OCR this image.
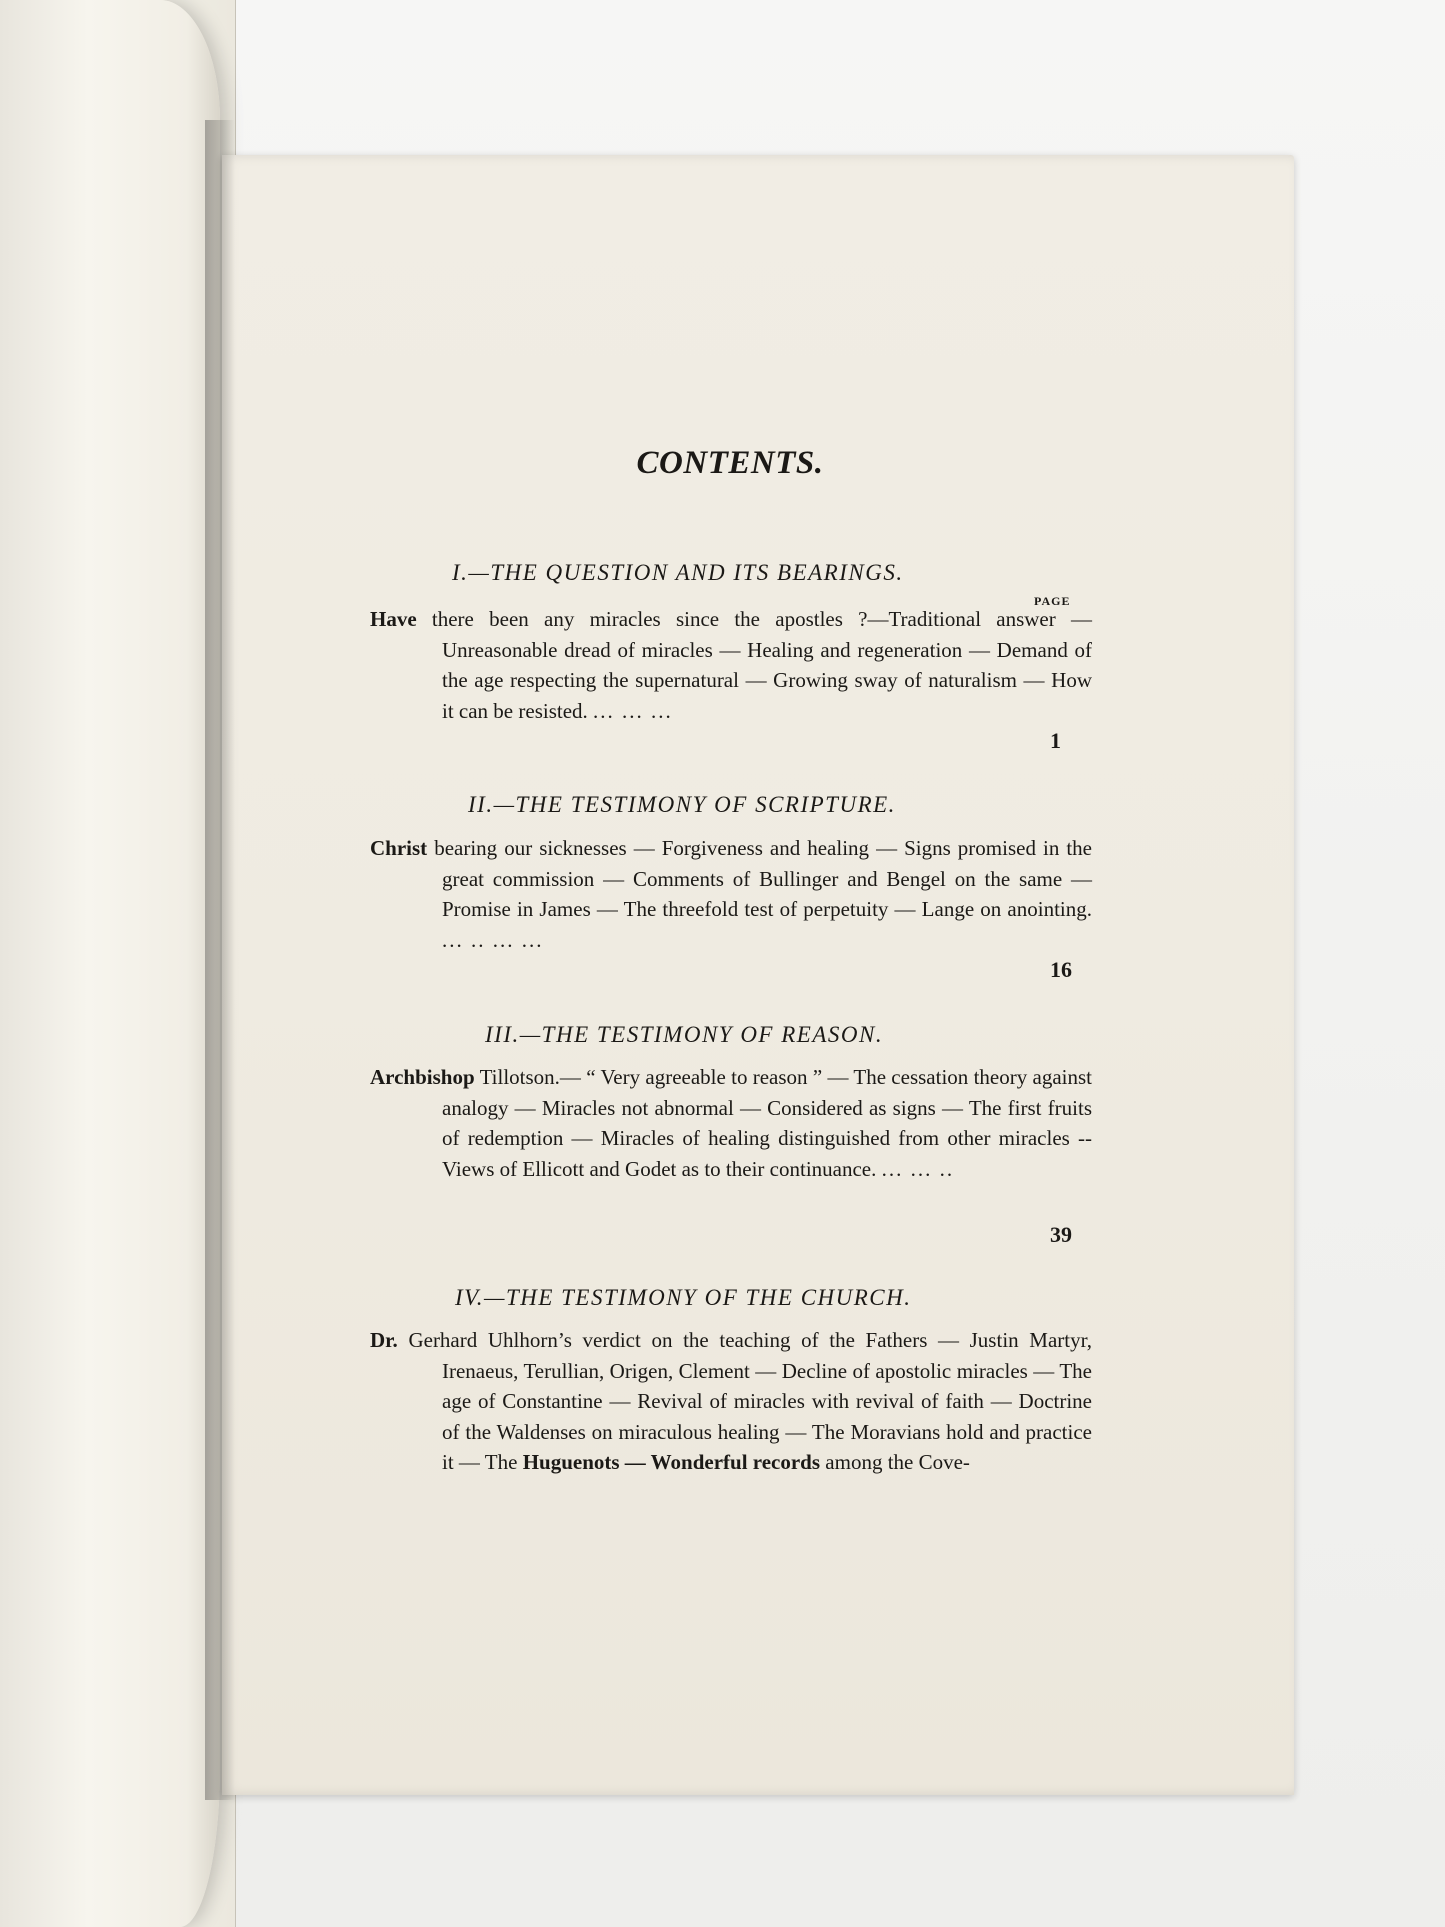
CONTENTS.
I.—THE QUESTION AND ITS BEARINGS.
PAGE
Have there been any miracles since the apostles ?—Traditional answer — Unreasonable dread of miracles — Healing and regeneration — Demand of the age respecting the supernatural — Growing sway of naturalism — How it can be resisted. ... ... ...
1
II.—THE TESTIMONY OF SCRIPTURE.
Christ bearing our sicknesses — Forgiveness and healing — Signs promised in the great commission — Comments of Bullinger and Bengel on the same — Promise in James — The threefold test of perpetuity — Lange on anointing. ... .. ... ...
16
III.—THE TESTIMONY OF REASON.
Archbishop Tillotson.— “ Very agreeable to reason ” — The cessation theory against analogy — Miracles not abnormal — Considered as signs — The first fruits of redemption — Miracles of healing distinguished from other miracles -- Views of Ellicott and Godet as to their continuance. ... ... ..
39
IV.—THE TESTIMONY OF THE CHURCH.
Dr. Gerhard Uhlhorn’s verdict on the teaching of the Fathers — Justin Martyr, Irenaeus, Terullian, Origen, Clement — Decline of apostolic miracles — The age of Constantine — Revival of miracles with revival of faith — Doctrine of the Waldenses on miraculous healing — The Moravians hold and practice it — The Huguenots — Wonderful records among the Cove-
